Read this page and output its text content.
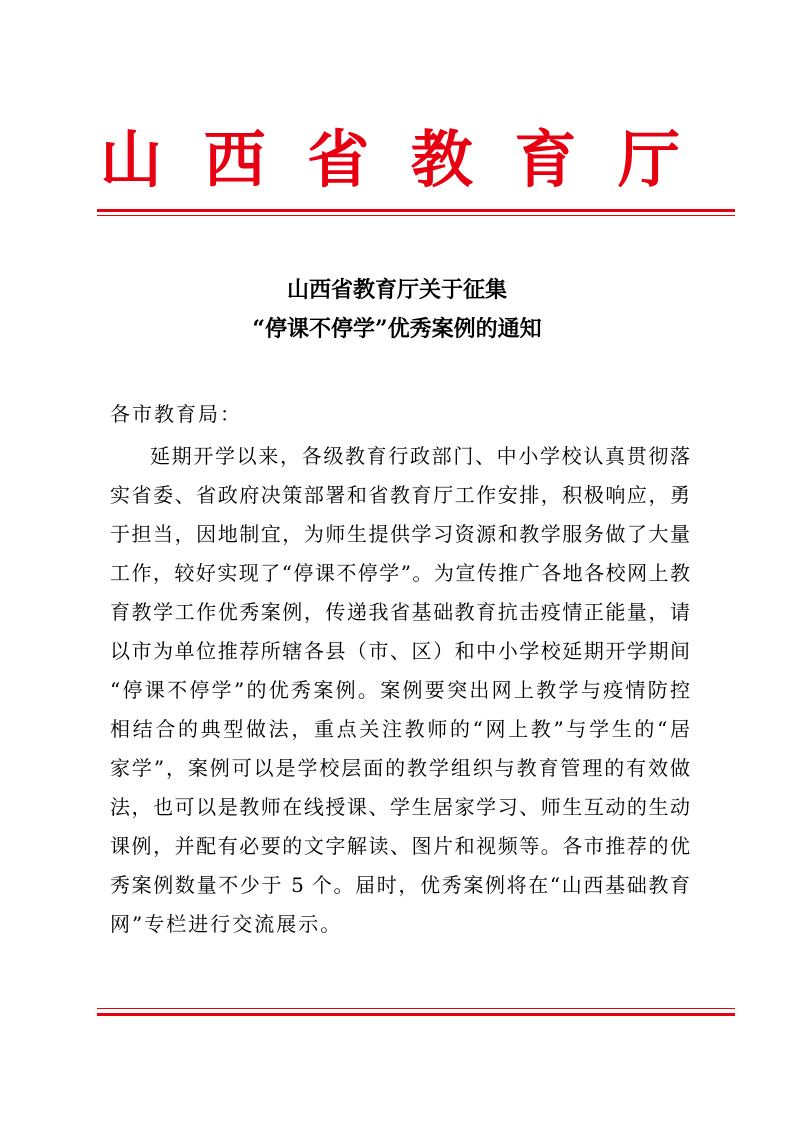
山 西 省 教 育 厅
山西省教育厅关于征集
“停课不停学”优秀案例的通知
各市教育局：
延期开学以来，各级教育行政部门、中小学校认真贯彻落
实省委、省政府决策部署和省教育厅工作安排，积极响应，勇
于担当，因地制宜，为师生提供学习资源和教学服务做了大量
工作，较好实现了“停课不停学”。为宣传推广各地各校网上教
育教学工作优秀案例，传递我省基础教育抗击疫情正能量，请
以市为单位推荐所辖各县（市、区）和中小学校延期开学期间
“停课不停学”的优秀案例。案例要突出网上教学与疫情防控
相结合的典型做法，重点关注教师的“网上教”与学生的“居
家学”，案例可以是学校层面的教学组织与教育管理的有效做
法，也可以是教师在线授课、学生居家学习、师生互动的生动
课例，并配有必要的文字解读、图片和视频等。各市推荐的优
秀案例数量不少于 5 个。届时，优秀案例将在“山西基础教育
网”专栏进行交流展示。
